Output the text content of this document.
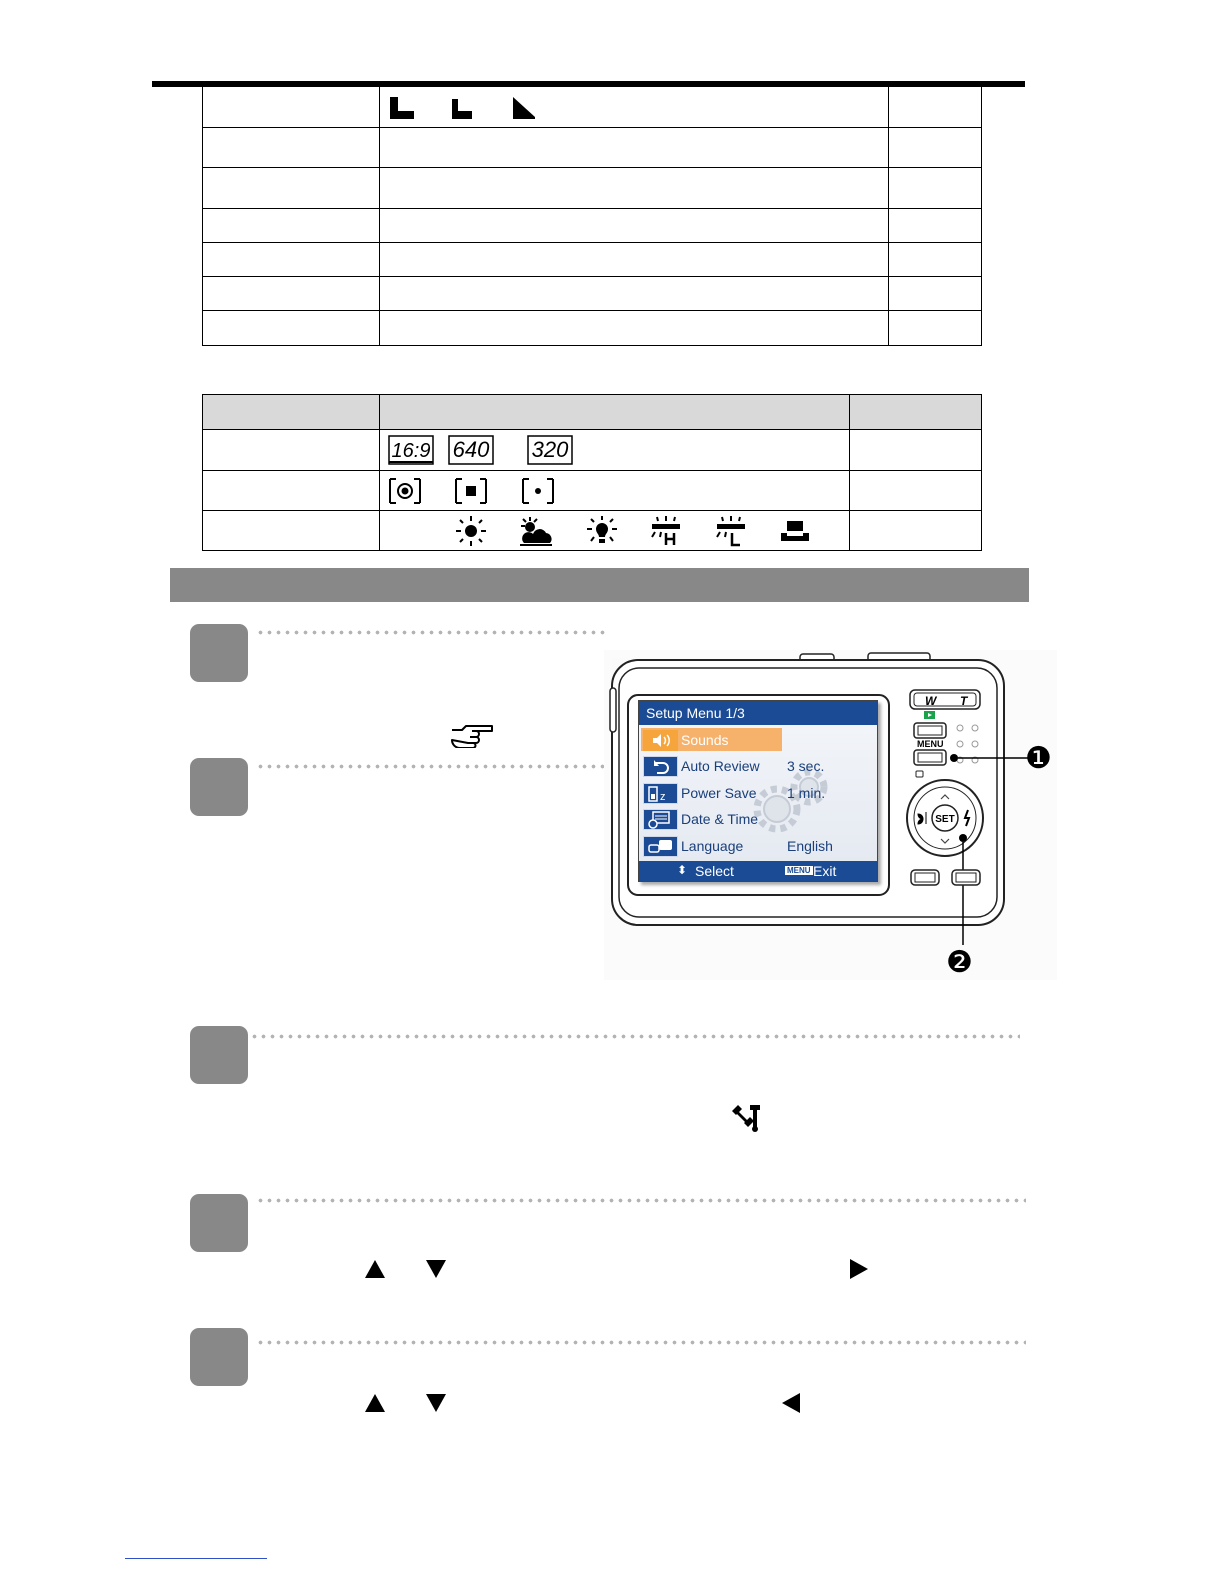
16:9
640
320	

W T
MENU
SET
❶
❷
Setup Menu 1/3
Sounds
Auto Review 3 sec.
z Power Save 1 min.
Date & Time
Language	English
⬍ Select	MENU Exit
